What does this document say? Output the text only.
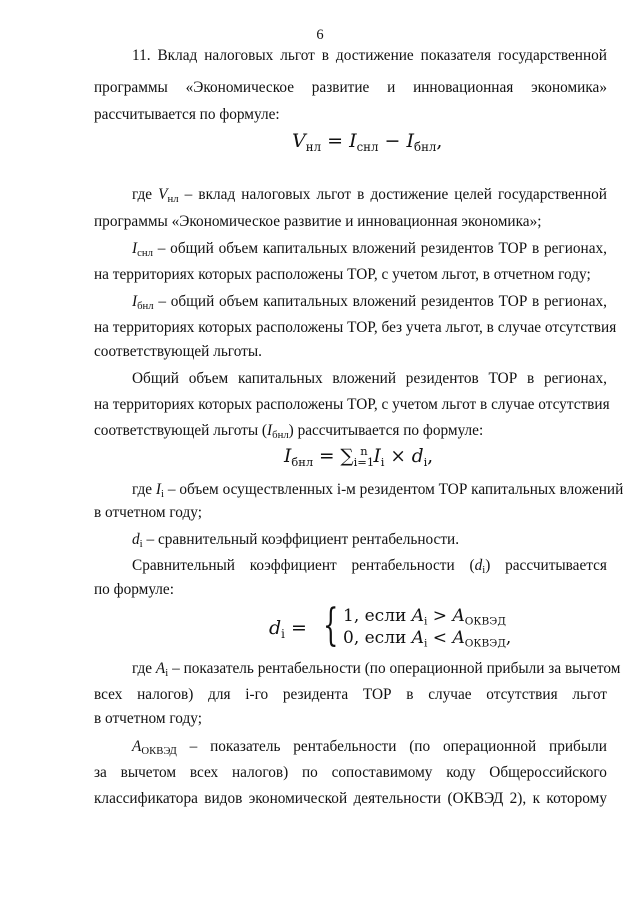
6
11. Вклад налоговых льгот в достижение показателя государственной
программы «Экономическое развитие и инновационная экономика»
рассчитывается по формуле:
$V_{нл} = I_{снл} - I_{бнл}$,
где $V_{нл}$ – вклад налоговых льгот в достижение целей государственной
программы «Экономическое развитие и инновационная экономика»;
$I_{снл}$ – общий объем капитальных вложений резидентов ТОР в регионах,
на территориях которых расположены ТОР, с учетом льгот, в отчетном году;
$I_{бнл}$ – общий объем капитальных вложений резидентов ТОР в регионах,
на территориях которых расположены ТОР, без учета льгот, в случае отсутствия
соответствующей льготы.
Общий объем капитальных вложений резидентов ТОР в регионах,
на территориях которых расположены ТОР, с учетом льгот в случае отсутствия
соответствующей льготы $(I_{бнл})$ рассчитывается по формуле:
$I_{бнл} = \sum_{i=1}^n$ $I_i \times d_i$,
где $I_i$ – объем осуществленных i-м резидентом ТОР капитальных вложений
в отчетном году;
$d_i$ – сравнительный коэффициент рентабельности.
Сравнительный коэффициент рентабельности $(d_i)$ рассчитывается
по формуле:
$d_i$ = { 1, если $A_i > A_{ОКВЭД}$
0, если $A_i < A_{ОКВЭД}$,
где $A_i$ – показатель рентабельности (по операционной прибыли за вычетом
всех налогов) для i-го резидента ТОР в случае отсутствия льгот
в отчетном году;
$A_{ОКВЭД}$ – показатель рентабельности (по операционной прибыли
за вычетом всех налогов) по сопоставимому коду Общероссийского
классификатора видов экономической деятельности (ОКВЭД 2), к которому
